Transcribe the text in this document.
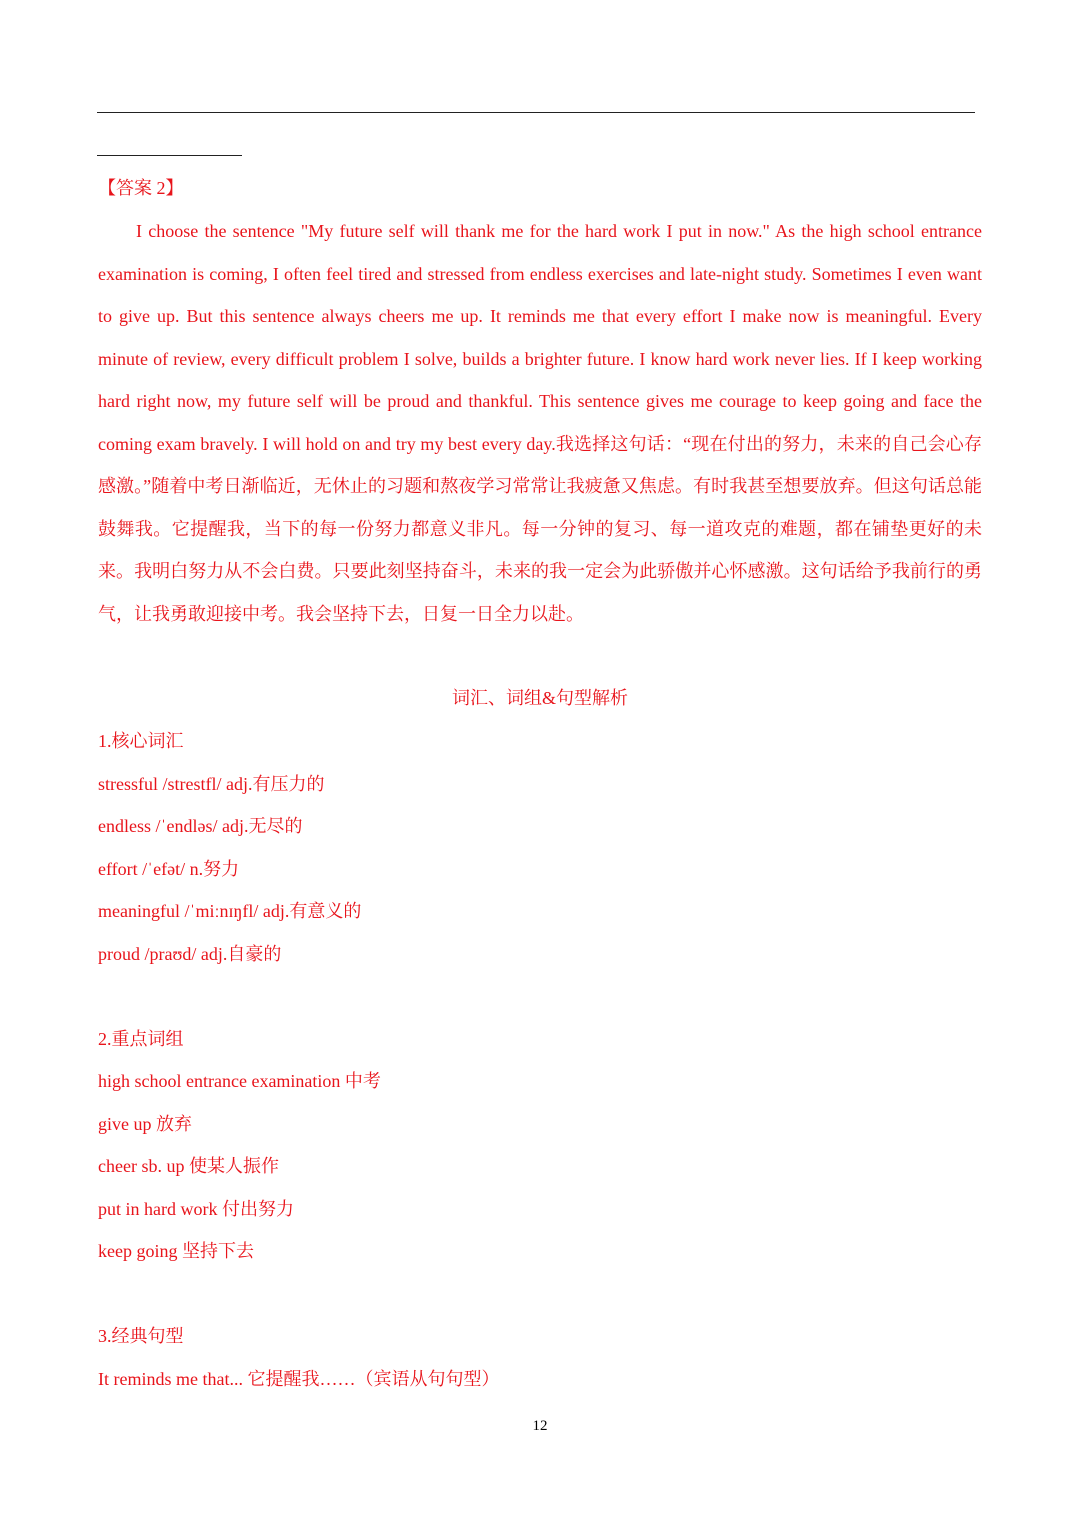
【答案 2】
I choose the sentence "My future self will thank me for the hard work I put in now." As the high school entrance examination is coming, I often feel tired and stressed from endless exercises and late-night study. Sometimes I even want to give up. But this sentence always cheers me up. It reminds me that every effort I make now is meaningful. Every minute of review, every difficult problem I solve, builds a brighter future. I know hard work never lies. If I keep working hard right now, my future self will be proud and thankful. This sentence gives me courage to keep going and face the coming exam bravely. I will hold on and try my best every day.我选择这句话：“现在付出的努力，未来的自己会心存感激。”随着中考日渐临近，无休止的习题和熬夜学习常常让我疲惫又焦虑。有时我甚至想要放弃。但这句话总能鼓舞我。它提醒我，当下的每一份努力都意义非凡。每一分钟的复习、每一道攻克的难题，都在铺垫更好的未来。我明白努力从不会白费。只要此刻坚持奋斗，未来的我一定会为此骄傲并心怀感激。这句话给予我前行的勇气，让我勇敢迎接中考。我会坚持下去，日复一日全力以赴。
词汇、词组&句型解析
1.核心词汇
stressful /strestfl/ adj.有压力的
endless /ˈendləs/ adj.无尽的
effort /ˈefət/ n.努力
meaningful /ˈmiːnɪŋfl/ adj.有意义的
proud /praʊd/ adj.自豪的
2.重点词组
high school entrance examination 中考
give up 放弃
cheer sb. up 使某人振作
put in hard work 付出努力
keep going 坚持下去
3.经典句型
It reminds me that... 它提醒我……（宾语从句句型）
12
